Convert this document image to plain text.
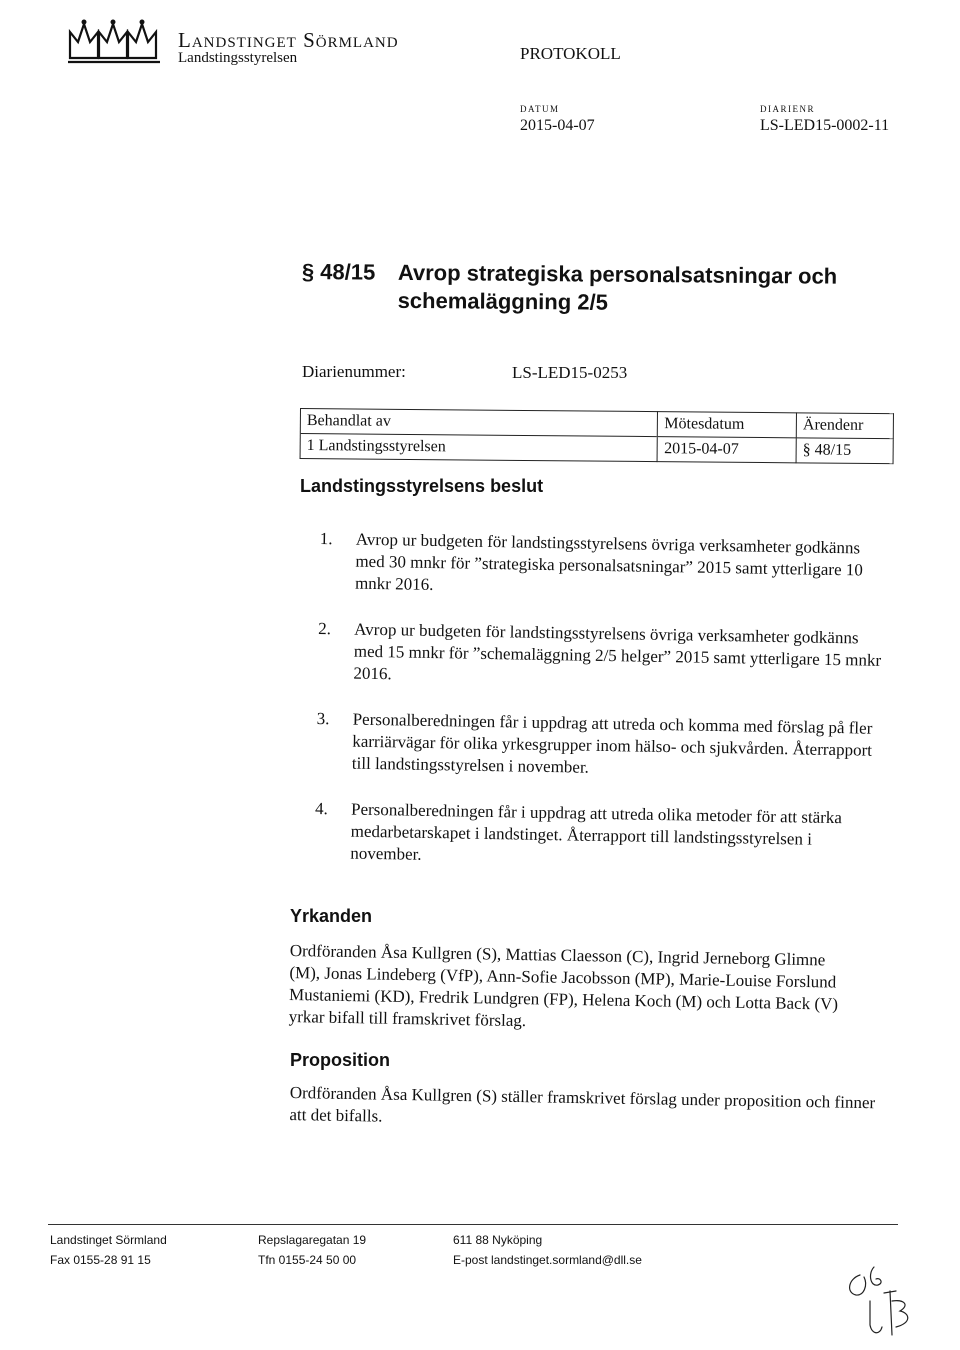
Landstinget Sörmland
Landstingsstyrelsen	PROTOKOLL
DATUM
2015-04-07
DIARIENR
LS-LED15-0002-11
§ 48/15 Avrop strategiska personalsatsningar och
schemaläggning 2/5
Diarienummer:	LS-LED15-0253
Behandlat av	Mötesdatum	Ärendenr
1 Landstingsstyrelsen	2015-04-07	§ 48/15
Landstingsstyrelsens beslut
1. Avrop ur budgeten för landstingsstyrelsens övriga verksamheter godkänns med 30 mnkr för ”strategiska personalsatsningar” 2015 samt ytterligare 10 mnkr 2016.
2. Avrop ur budgeten för landstingsstyrelsens övriga verksamheter godkänns med 15 mnkr för ”schemaläggning 2/5 helger” 2015 samt ytterligare 15 mnkr 2016.
3. Personalberedningen får i uppdrag att utreda och komma med förslag på fler karriärvägar för olika yrkesgrupper inom hälso- och sjukvården. Återrapport till landstingsstyrelsen i november.
4. Personalberedningen får i uppdrag att utreda olika metoder för att stärka medarbetarskapet i landstinget. Återrapport till landstingsstyrelsen i november.
Yrkanden
Ordföranden Åsa Kullgren (S), Mattias Claesson (C), Ingrid Jerneborg Glimne (M), Jonas Lindeberg (VfP), Ann-Sofie Jacobsson (MP), Marie-Louise Forslund Mustaniemi (KD), Fredrik Lundgren (FP), Helena Koch (M) och Lotta Back (V) yrkar bifall till framskrivet förslag.
Proposition
Ordföranden Åsa Kullgren (S) ställer framskrivet förslag under proposition och finner att det bifalls.
Landstinget Sörmland
Fax 0155-28 91 15
Repslagaregatan 19
Tfn 0155-24 50 00
611 88 Nyköping
E-post landstinget.sormland@dll.se
